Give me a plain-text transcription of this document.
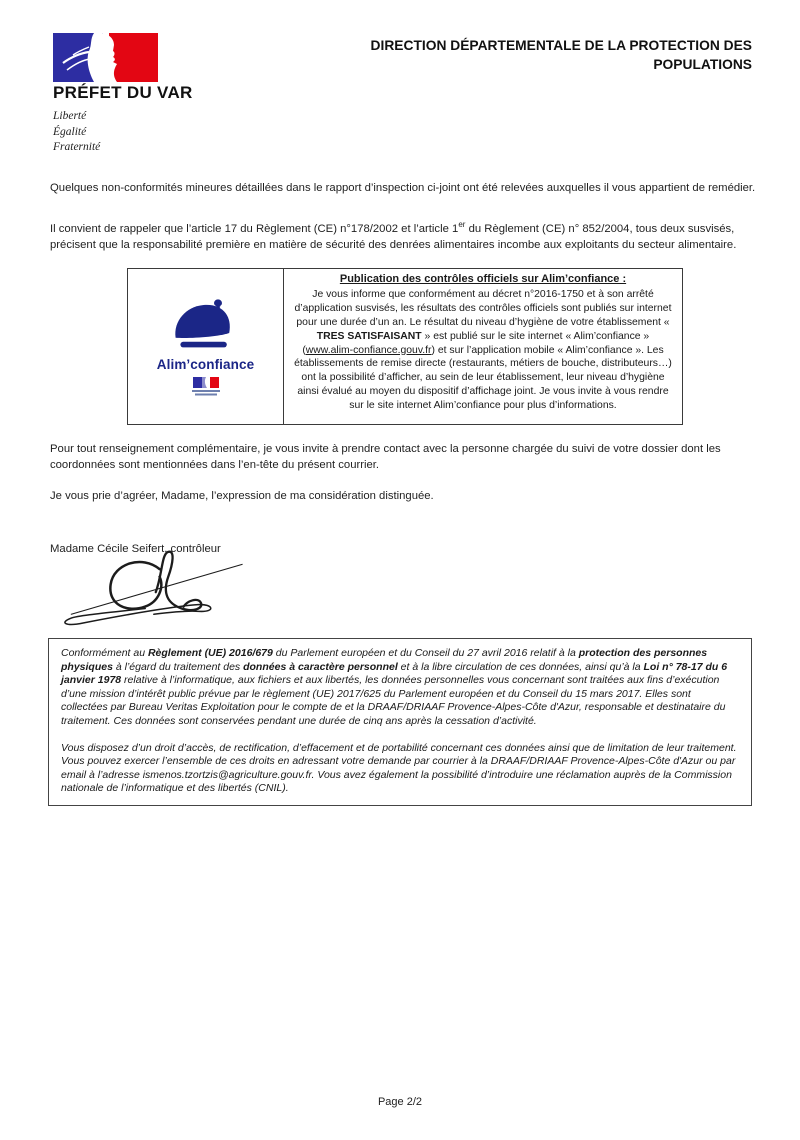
PRÉFET DU VAR
Liberté
Égalité
Fraternité
DIRECTION DÉPARTEMENTALE DE LA PROTECTION DES POPULATIONS

Quelques non-conformités mineures détaillées dans le rapport d’inspection ci-joint ont été relevées auxquelles il vous appartient de remédier.

Il convient de rappeler que l’article 17 du Règlement (CE) n°178/2002 et l’article 1er du Règlement (CE) n° 852/2004, tous deux susvisés, précisent que la responsabilité première en matière de sécurité des denrées alimentaires incombe aux exploitants du secteur alimentaire.

Alim’confiance
Publication des contrôles officiels sur Alim’confiance :
Je vous informe que conformément au décret n°2016-1750 et à son arrêté d’application susvisés, les résultats des contrôles officiels sont publiés sur internet pour une durée d’un an. Le résultat du niveau d’hygiène de votre établissement « TRES SATISFAISANT » est publié sur le site internet « Alim’confiance » (www.alim-confiance.gouv.fr) et sur l’application mobile « Alim’confiance ». Les établissements de remise directe (restaurants, métiers de bouche, distributeurs…) ont la possibilité d’afficher, au sein de leur établissement, leur niveau d’hygiène ainsi évalué au moyen du dispositif d’affichage joint. Je vous invite à vous rendre sur le site internet Alim’confiance pour plus d’informations.

Pour tout renseignement complémentaire, je vous invite à prendre contact avec la personne chargée du suivi de votre dossier dont les coordonnées sont mentionnées dans l’en-tête du présent courrier.

Je vous prie d’agréer, Madame, l’expression de ma considération distinguée.

Madame Cécile Seifert, contrôleur

Conformément au Règlement (UE) 2016/679 du Parlement européen et du Conseil du 27 avril 2016 relatif à la protection des personnes physiques à l’égard du traitement des données à caractère personnel et à la libre circulation de ces données, ainsi qu’à la Loi n° 78-17 du 6 janvier 1978 relative à l’informatique, aux fichiers et aux libertés, les données personnelles vous concernant sont traitées aux fins d’exécution d’une mission d’intérêt public prévue par le règlement (UE) 2017/625 du Parlement européen et du Conseil du 15 mars 2017. Elles sont collectées par Bureau Veritas Exploitation pour le compte de et la DRAAF/DRIAAF Provence-Alpes-Côte d'Azur, responsable et destinataire du traitement. Ces données sont conservées pendant une durée de cinq ans après la cessation d’activité.
Vous disposez d’un droit d’accès, de rectification, d’effacement et de portabilité concernant ces données ainsi que de limitation de leur traitement. Vous pouvez exercer l’ensemble de ces droits en adressant votre demande par courrier à la DRAAF/DRIAAF Provence-Alpes-Côte d'Azur ou par email à l’adresse ismenos.tzortzis@agriculture.gouv.fr. Vous avez également la possibilité d’introduire une réclamation auprès de la Commission nationale de l’informatique et des libertés (CNIL).
Page 2/2
